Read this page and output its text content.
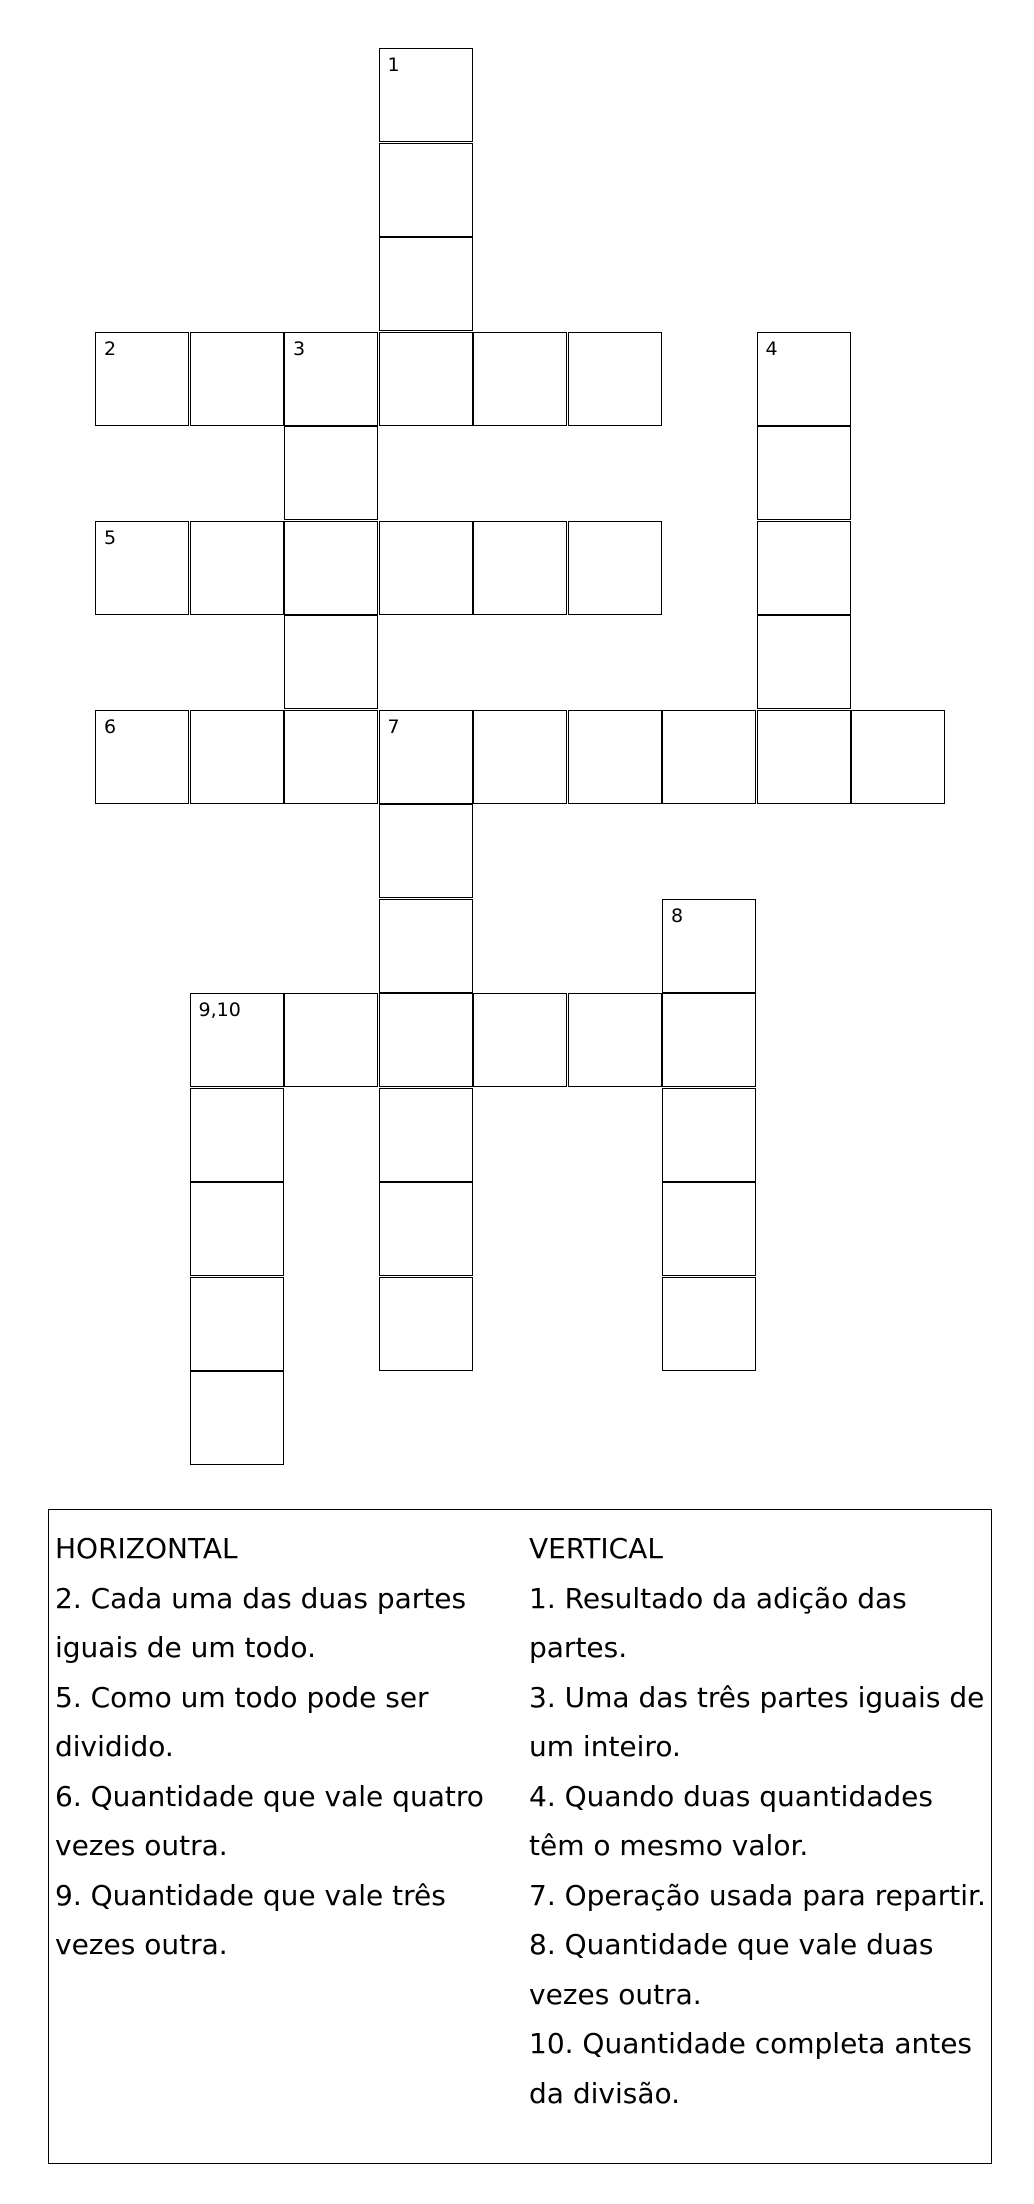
1
2	3	4
5
6	7
8
9,10

HORIZONTAL

2. Cada uma das duas partes iguais de um todo.

5. Como um todo pode ser dividido.

6. Quantidade que vale quatro vezes outra.

9. Quantidade que vale três vezes outra.

VERTICAL

1. Resultado da adição das partes.

3. Uma das três partes iguais de um inteiro.

4. Quando duas quantidades têm o mesmo valor.

7. Operação usada para repartir.

8. Quantidade que vale duas vezes outra.

10. Quantidade completa antes da divisão.
